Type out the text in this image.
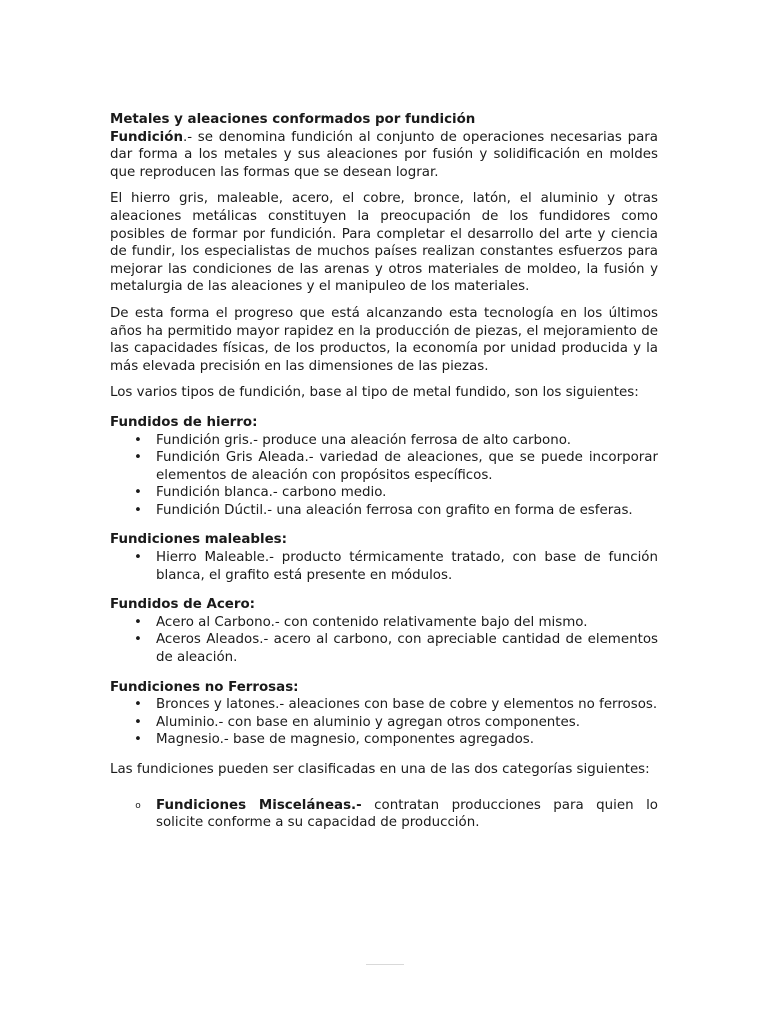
Metales y aleaciones conformados por fundición

Fundición.- se denomina fundición al conjunto de operaciones necesarias para dar forma a los metales y sus aleaciones por fusión y solidificación en moldes que reproducen las formas que se desean lograr.

El hierro gris, maleable, acero, el cobre, bronce, latón, el aluminio y otras aleaciones metálicas constituyen la preocupación de los fundidores como posibles de formar por fundición. Para completar el desarrollo del arte y ciencia de fundir, los especialistas de muchos países realizan constantes esfuerzos para mejorar las condiciones de las arenas y otros materiales de moldeo, la fusión y metalurgia de las aleaciones y el manipuleo de los materiales.

De esta forma el progreso que está alcanzando esta tecnología en los últimos años ha permitido mayor rapidez en la producción de piezas, el mejoramiento de las capacidades físicas, de los productos, la economía por unidad producida y la más elevada precisión en las dimensiones de las piezas.

Los varios tipos de fundición, base al tipo de metal fundido, son los siguientes:

Fundidos de hierro:

• Fundición gris.- produce una aleación ferrosa de alto carbono.
• Fundición Gris Aleada.- variedad de aleaciones, que se puede incorporar elementos de aleación con propósitos específicos.
• Fundición blanca.- carbono medio.
• Fundición Dúctil.- una aleación ferrosa con grafito en forma de esferas.

Fundiciones maleables:

• Hierro Maleable.- producto térmicamente tratado, con base de función blanca, el grafito está presente en módulos.

Fundidos de Acero:

• Acero al Carbono.- con contenido relativamente bajo del mismo.
• Aceros Aleados.- acero al carbono, con apreciable cantidad de elementos de aleación.

Fundiciones no Ferrosas:

• Bronces y latones.- aleaciones con base de cobre y elementos no ferrosos.
• Aluminio.- con base en aluminio y agregan otros componentes.
• Magnesio.- base de magnesio, componentes agregados.

Las fundiciones pueden ser clasificadas en una de las dos categorías siguientes:

o Fundiciones Misceláneas.- contratan producciones para quien lo solicite conforme a su capacidad de producción.
